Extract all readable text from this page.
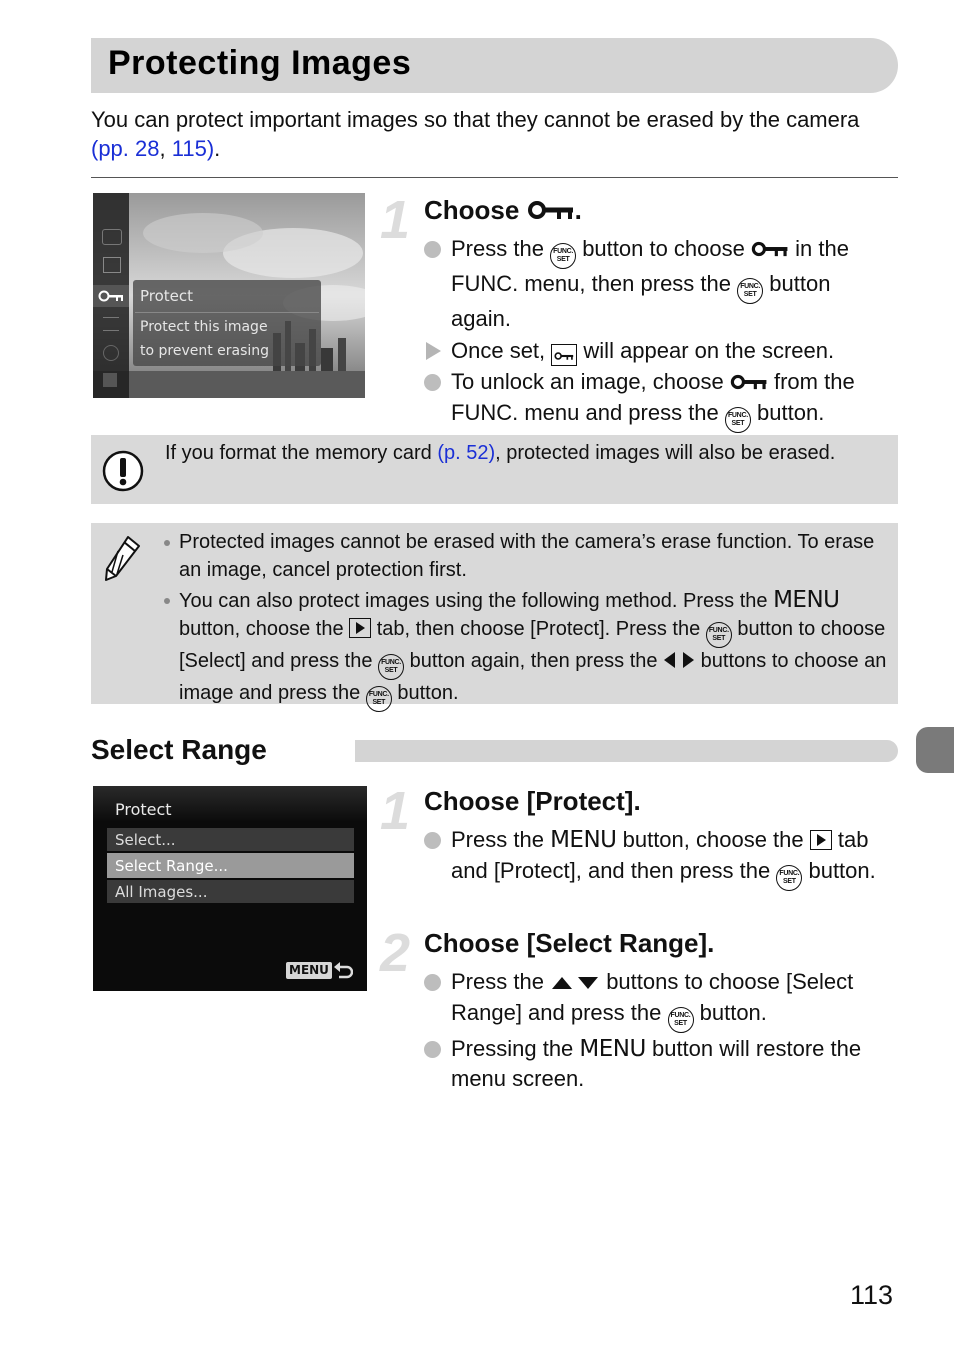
Protecting Images
You can protect important images so that they cannot be erased by the camera (pp. 28, 115).
Protect
Protect this image
to prevent erasing
1 Choose .
Press the FUNC.
SET button to choose in the FUNC. menu, then press the FUNC.
SET button again.
Once set, will appear on the screen.
To unlock an image, choose from the FUNC. menu and press the FUNC.
SET button.
If you format the memory card (p. 52), protected images will also be erased.
Protected images cannot be erased with the camera’s erase function. To erase an image, cancel protection first.
You can also protect images using the following method. Press the MENU button, choose the tab, then choose [Protect]. Press the FUNC.
SET button to choose [Select] and press the FUNC.
SET button again, then press the buttons to choose an image and press the FUNC.
SET button.
Select Range
Protect
Select...
Select Range...
All Images...
MENU
1 Choose [Protect].
Press the MENU button, choose the tab and [Protect], and then press the FUNC.
SET button.
2 Choose [Select Range].
Press the	buttons to choose [Select Range] and press the FUNC.
SET button.
Pressing the MENU button will restore the menu screen.
113
